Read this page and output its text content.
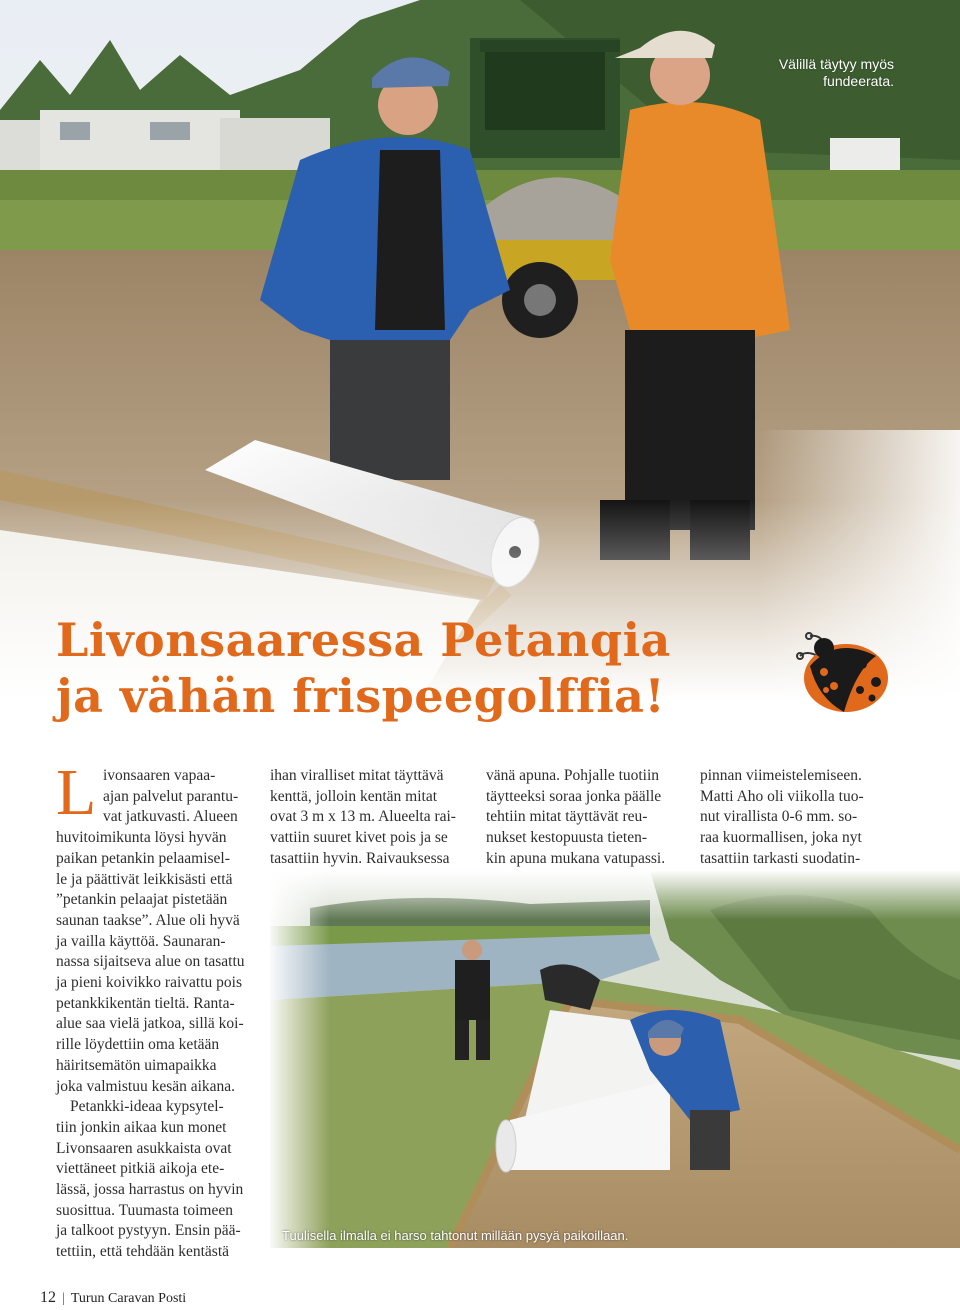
Välillä täytyy myös
fundeerata.
Livonsaaressa Petanqia
ja vähän frispeegolffia!
L ivonsaaren vapaa-
ajan palvelut parantu-
vat jatkuvasti. Alueen
huvitoimikunta löysi hyvän
paikan petankin pelaamisel-
le ja päättivät leikkisästi että
”petankin pelaajat pistetään
saunan taakse”. Alue oli hyvä
ja vailla käyttöä. Saunaran-
nassa sijaitseva alue on tasattu
ja pieni koivikko raivattu pois
petankkikentän tieltä. Ranta-
alue saa vielä jatkoa, sillä koi-
rille löydettiin oma ketään
häiritsemätön uimapaikka
joka valmistuu kesän aikana.
Petankki-ideaa kypsytel-
tiin jonkin aikaa kun monet
Livonsaaren asukkaista ovat
viettäneet pitkiä aikoja ete-
lässä, jossa harrastus on hyvin
suosittua. Tuumasta toimeen
ja talkoot pystyyn. Ensin pää-
tettiin, että tehdään kentästä
ihan viralliset mitat täyttävä
kenttä, jolloin kentän mitat
ovat 3 m x 13 m. Alueelta rai-
vattiin suuret kivet pois ja se
tasattiin hyvin. Raivauksessa
vänä apuna. Pohjalle tuotiin
täytteeksi soraa jonka päälle
tehtiin mitat täyttävät reu-
nukset kestopuusta tieten-
kin apuna mukana vatupassi.
pinnan viimeistelemiseen.
Matti Aho oli viikolla tuo-
nut virallista 0-6 mm. so-
raa kuormallisen, joka nyt
tasattiin tarkasti suodatin-
Tuulisella ilmalla ei harso tahtonut millään pysyä paikoillaan.
12 | Turun Caravan Posti
